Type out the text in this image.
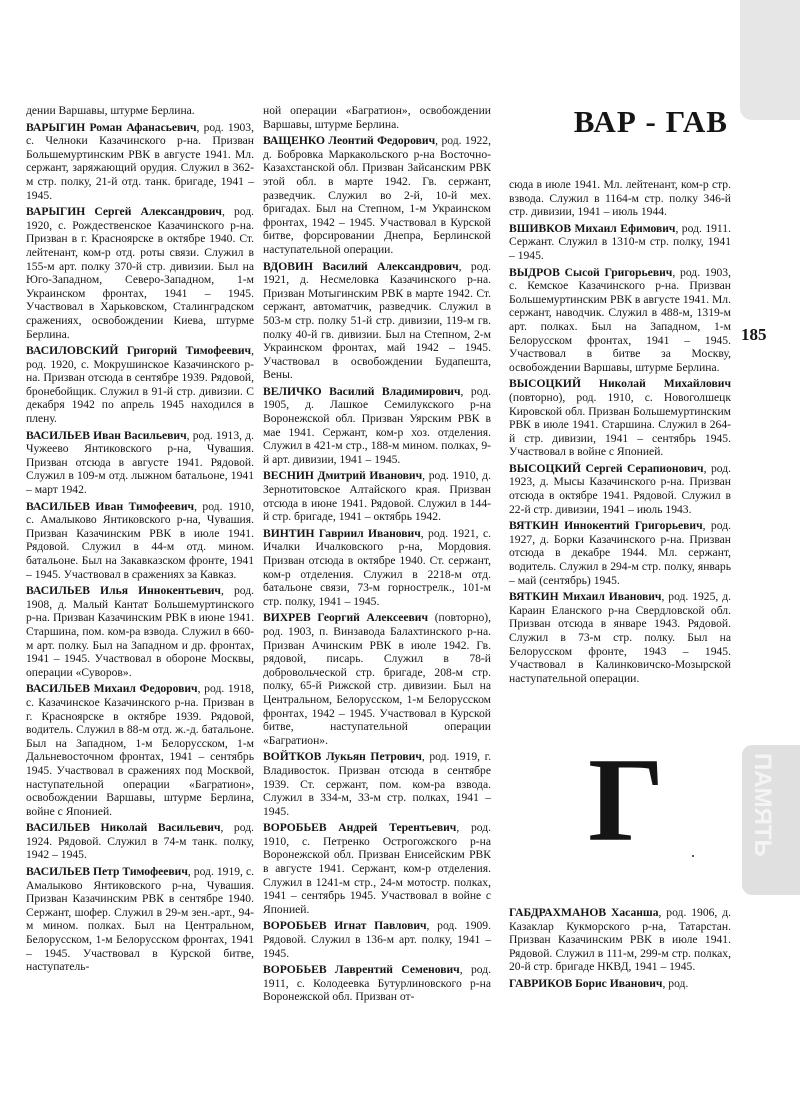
ПАМЯТЬ
ВАР - ГАВ
185
Г

дении Варшавы, штурме Берлина.

ВАРЫГИН Роман Афанасьевич, род. 1903, с. Челноки Казачинского р-на. Призван Большемуртинским РВК в августе 1941. Мл. сержант, заряжающий орудия. Служил в 362-м стр. полку, 21-й отд. танк. бригаде, 1941 – 1945.

ВАРЫГИН Сергей Александрович, род. 1920, с. Рождественское Казачинского р-на. Призван в г. Красноярске в октябре 1940. Ст. лейтенант, ком-р отд. роты связи. Служил в 155-м арт. полку 370-й стр. дивизии. Был на Юго-Западном, Северо-Западном, 1-м Украинском фронтах, 1941 – 1945. Участвовал в Харьковском, Сталинградском сражениях, освобождении Киева, штурме Берлина.

ВАСИЛОВСКИЙ Григорий Тимофеевич, род. 1920, с. Мокрушинское Казачинского р-на. Призван отсюда в сентябре 1939. Рядовой, бронебойщик. Служил в 91-й стр. дивизии. С декабря 1942 по апрель 1945 находился в плену.

ВАСИЛЬЕВ Иван Васильевич, род. 1913, д. Чужеево Янтиковского р-на, Чувашия. Призван отсюда в августе 1941. Рядовой. Служил в 109-м отд. лыжном батальоне, 1941 – март 1942.

ВАСИЛЬЕВ Иван Тимофеевич, род. 1910, с. Амалыково Янтиковского р-на, Чувашия. Призван Казачинским РВК в июле 1941. Рядовой. Служил в 44-м отд. мином. батальоне. Был на Закавказском фронте, 1941 – 1945. Участвовал в сражениях за Кавказ.

ВАСИЛЬЕВ Илья Иннокентьевич, род. 1908, д. Малый Кантат Большемуртинского р-на. Призван Казачинским РВК в июне 1941. Старшина, пом. ком-ра взвода. Служил в 660-м арт. полку. Был на Западном и др. фронтах, 1941 – 1945. Участвовал в обороне Москвы, операции «Суворов».

ВАСИЛЬЕВ Михаил Федорович, род. 1918, с. Казачинское Казачинского р-на. Призван в г. Красноярске в октябре 1939. Рядовой, водитель. Служил в 88-м отд. ж.-д. батальоне. Был на Западном, 1-м Белорусском, 1-м Дальневосточном фронтах, 1941 – сентябрь 1945. Участвовал в сражениях под Москвой, наступательной операции «Багратион», освобождении Варшавы, штурме Берлина, войне с Японией.

ВАСИЛЬЕВ Николай Васильевич, род. 1924. Рядовой. Служил в 74-м танк. полку, 1942 – 1945.

ВАСИЛЬЕВ Петр Тимофеевич, род. 1919, с. Амалыково Янтиковского р-на, Чувашия. Призван Казачинским РВК в сентябре 1940. Сержант, шофер. Служил в 29-м зен.-арт., 94-м мином. полках. Был на Центральном, Белорусском, 1-м Белорусском фронтах, 1941 – 1945. Участвовал в Курской битве, наступатель-

ной операции «Багратион», освобождении Варшавы, штурме Берлина.

ВАЩЕНКО Леонтий Федорович, род. 1922, д. Бобровка Маркакольского р-на Восточно-Казахстанской обл. Призван Зайсанским РВК этой обл. в марте 1942. Гв. сержант, разведчик. Служил во 2-й, 10-й мех. бригадах. Был на Степном, 1-м Украинском фронтах, 1942 – 1945. Участвовал в Курской битве, форсировании Днепра, Берлинской наступательной операции.

ВДОВИН Василий Александрович, род. 1921, д. Несмеловка Казачинского р-на. Призван Мотыгинским РВК в марте 1942. Ст. сержант, автоматчик, разведчик. Служил в 503-м стр. полку 51-й стр. дивизии, 119-м гв. полку 40-й гв. дивизии. Был на Степном, 2-м Украинском фронтах, май 1942 – 1945. Участвовал в освобождении Будапешта, Вены.

ВЕЛИЧКО Василий Владимирович, род. 1905, д. Лашкое Семилукского р-на Воронежской обл. Призван Уярским РВК в мае 1941. Сержант, ком-р хоз. отделения. Служил в 421-м стр., 188-м мином. полках, 9-й арт. дивизии, 1941 – 1945.

ВЕСНИН Дмитрий Иванович, род. 1910, д. Зернотитовское Алтайского края. Призван отсюда в июне 1941. Рядовой. Служил в 144-й стр. бригаде, 1941 – октябрь 1942.

ВИНТИН Гавриил Иванович, род. 1921, с. Ичалки Ичалковского р-на, Мордовия. Призван отсюда в октябре 1940. Ст. сержант, ком-р отделения. Служил в 2218-м отд. батальоне связи, 73-м горнострелк., 101-м стр. полку, 1941 – 1945.

ВИХРЕВ Георгий Алексеевич (повторно), род. 1903, п. Винзавода Балахтинского р-на. Призван Ачинским РВК в июле 1942. Гв. рядовой, писарь. Служил в 78-й добровольческой стр. бригаде, 208-м стр. полку, 65-й Рижской стр. дивизии. Был на Центральном, Белорусском, 1-м Белорусском фронтах, 1942 – 1945. Участвовал в Курской битве, наступательной операции «Багратион».

ВОЙТКОВ Лукьян Петрович, род. 1919, г. Владивосток. Призван отсюда в сентябре 1939. Ст. сержант, пом. ком-ра взвода. Служил в 334-м, 33-м стр. полках, 1941 – 1945.

ВОРОБЬЕВ Андрей Терентьевич, род. 1910, с. Петренко Острогожского р-на Воронежской обл. Призван Енисейским РВК в августе 1941. Сержант, ком-р отделения. Служил в 1241-м стр., 24-м мотостр. полках, 1941 – сентябрь 1945. Участвовал в войне с Японией.

ВОРОБЬЕВ Игнат Павлович, род. 1909. Рядовой. Служил в 136-м арт. полку, 1941 – 1945.

ВОРОБЬЕВ Лаврентий Семенович, род. 1911, с. Колодеевка Бутурлиновского р-на Воронежской обл. Призван от-

сюда в июле 1941. Мл. лейтенант, ком-р стр. взвода. Служил в 1164-м стр. полку 346-й стр. дивизии, 1941 – июль 1944.

ВШИВКОВ Михаил Ефимович, род. 1911. Сержант. Служил в 1310-м стр. полку, 1941 – 1945.

ВЫДРОВ Сысой Григорьевич, род. 1903, с. Кемское Казачинского р-на. Призван Большемуртинским РВК в августе 1941. Мл. сержант, наводчик. Служил в 488-м, 1319-м арт. полках. Был на Западном, 1-м Белорусском фронтах, 1941 – 1945. Участвовал в битве за Москву, освобождении Варшавы, штурме Берлина.

ВЫСОЦКИЙ Николай Михайлович (повторно), род. 1910, с. Новоголшецк Кировской обл. Призван Большемуртинским РВК в июле 1941. Старшина. Служил в 264-й стр. дивизии, 1941 – сентябрь 1945. Участвовал в войне с Японией.

ВЫСОЦКИЙ Сергей Серапионович, род. 1923, д. Мысы Казачинского р-на. Призван отсюда в октябре 1941. Рядовой. Служил в 22-й стр. дивизии, 1941 – июль 1943.

ВЯТКИН Иннокентий Григорьевич, род. 1927, д. Борки Казачинского р-на. Призван отсюда в декабре 1944. Мл. сержант, водитель. Служил в 294-м стр. полку, январь – май (сентябрь) 1945.

ВЯТКИН Михаил Иванович, род. 1925, д. Караин Еланского р-на Свердловской обл. Призван отсюда в январе 1943. Рядовой. Служил в 73-м стр. полку. Был на Белорусском фронте, 1943 – 1945. Участвовал в Калинковичско-Мозырской наступательной операции.

ГАБДРАХМАНОВ Хасанша, род. 1906, д. Казаклар Кукморского р-на, Татарстан. Призван Казачинским РВК в июле 1941. Рядовой. Служил в 111-м, 299-м стр. полках, 20-й стр. бригаде НКВД, 1941 – 1945.

ГАВРИКОВ Борис Иванович, род.
